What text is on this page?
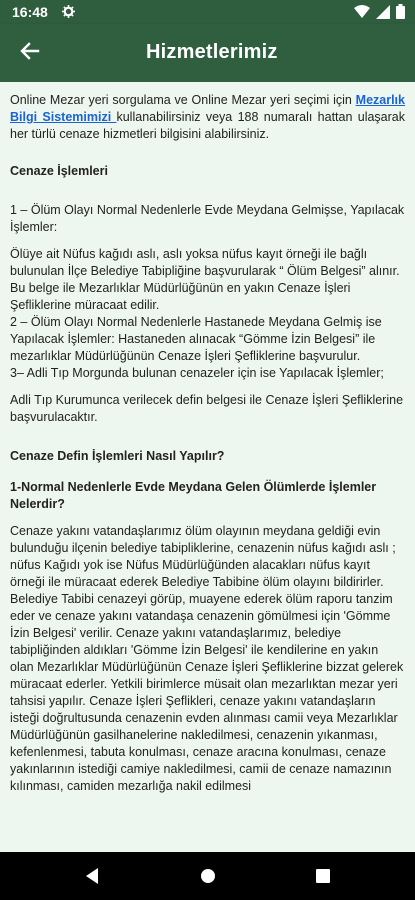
16:48
Hizmetlerimiz

Online Mezar yeri sorgulama ve Online Mezar yeri seçimi için Mezarlık Bilgi Sistemimizi kullanabilirsiniz veya 188 numaralı hattan ulaşarak her türlü cenaze hizmetleri bilgisini alabilirsiniz.

Cenaze İşlemleri

1 – Ölüm Olayı Normal Nedenlerle Evde Meydana Gelmişse, Yapılacak İşlemler:

Ölüye ait Nüfus kağıdı aslı, aslı yoksa nüfus kayıt örneği ile bağlı bulunulan İlçe Belediye Tabipliğine başvurularak “ Ölüm Belgesi” alınır. Bu belge ile Mezarlıklar Müdürlüğünün en yakın Cenaze İşleri Şefliklerine müracaat edilir.

2 – Ölüm Olayı Normal Nedenlerle Hastanede Meydana Gelmiş ise Yapılacak İşlemler: Hastaneden alınacak “Gömme İzin Belgesi” ile mezarlıklar Müdürlüğünün Cenaze İşleri Şefliklerine başvurulur.

3– Adli Tıp Morgunda bulunan cenazeler için ise Yapılacak İşlemler;

Adli Tıp Kurumunca verilecek defin belgesi ile Cenaze İşleri Şefliklerine başvurulacaktır.

Cenaze Defin İşlemleri Nasıl Yapılır?

1-Normal Nedenlerle Evde Meydana Gelen Ölümlerde İşlemler Nelerdir?

Cenaze yakını vatandaşlarımız ölüm olayının meydana geldiği evin bulunduğu ilçenin belediye tabipliklerine, cenazenin nüfus kağıdı aslı ; nüfus Kağıdı yok ise Nüfus Müdürlüğünden alacakları nüfus kayıt örneği ile müracaat ederek Belediye Tabibine ölüm olayını bildirirler. Belediye Tabibi cenazeyi görüp, muayene ederek ölüm raporu tanzim eder ve cenaze yakını vatandaşa cenazenin gömülmesi için 'Gömme İzin Belgesi' verilir. Cenaze yakını vatandaşlarımız, belediye tabipliğinden aldıkları 'Gömme İzin Belgesi' ile kendilerine en yakın olan Mezarlıklar Müdürlüğünün Cenaze İşleri Şefliklerine bizzat gelerek müracaat ederler. Yetkili birimlerce müsait olan mezarlıktan mezar yeri tahsisi yapılır. Cenaze İşleri Şeflikleri, cenaze yakını vatandaşların isteği doğrultusunda cenazenin evden alınması camii veya Mezarlıklar Müdürlüğünün gasilhanelerine nakledilmesi, cenazenin yıkanması, kefenlenmesi, tabuta konulması, cenaze aracına konulması, cenaze yakınlarının istediği camiye nakledilmesi, camii de cenaze namazının kılınması, camiden mezarlığa nakil edilmesi
